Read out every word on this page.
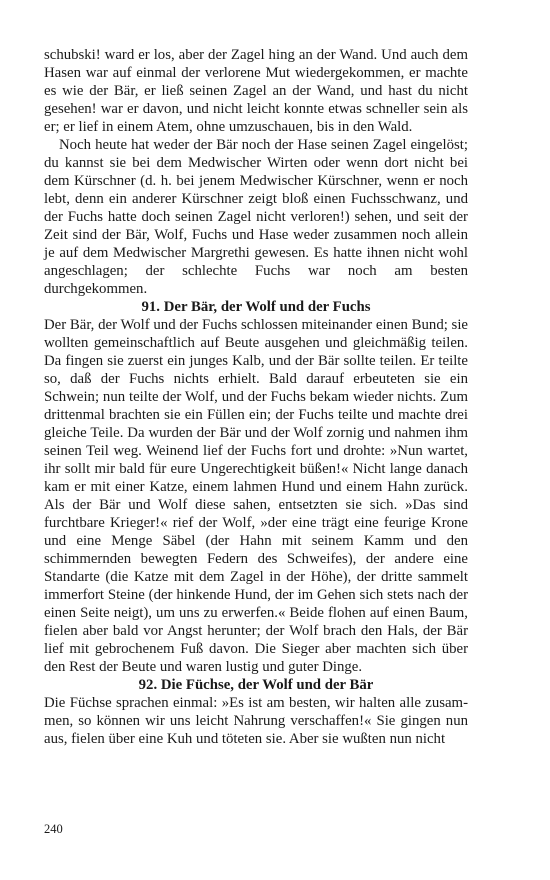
schubski! ward er los, aber der Zagel hing an der Wand. Und auch dem Hasen war auf einmal der verlorene Mut wiedergekommen, er machte es wie der Bär, er ließ seinen Zagel an der Wand, und hast du nicht gesehen! war er davon, und nicht leicht konnte etwas schneller sein als er; er lief in einem Atem, ohne umzuschauen, bis in den Wald.

Noch heute hat weder der Bär noch der Hase seinen Zagel eingelöst; du kannst sie bei dem Medwischer Wirten oder wenn dort nicht bei dem Kürschner (d. h. bei jenem Medwischer Kürschner, wenn er noch lebt, denn ein anderer Kürschner zeigt bloß einen Fuchsschwanz, und der Fuchs hatte doch seinen Zagel nicht verloren!) sehen, und seit der Zeit sind der Bär, Wolf, Fuchs und Hase weder zusammen noch allein je auf dem Medwischer Margrethi gewesen. Es hatte ihnen nicht wohl angeschlagen; der schlechte Fuchs war noch am besten durchgekommen.

91. Der Bär, der Wolf und der Fuchs

Der Bär, der Wolf und der Fuchs schlossen miteinander einen Bund; sie wollten gemeinschaftlich auf Beute ausgehen und gleichmäßig teilen. Da fingen sie zuerst ein junges Kalb, und der Bär sollte teilen. Er teilte so, daß der Fuchs nichts erhielt. Bald darauf erbeuteten sie ein Schwein; nun teilte der Wolf, und der Fuchs bekam wieder nichts. Zum drittenmal brachten sie ein Füllen ein; der Fuchs teilte und machte drei gleiche Teile. Da wurden der Bär und der Wolf zornig und nahmen ihm seinen Teil weg. Weinend lief der Fuchs fort und drohte: »Nun wartet, ihr sollt mir bald für eure Ungerechtigkeit büßen!« Nicht lange danach kam er mit einer Katze, einem lahmen Hund und einem Hahn zurück. Als der Bär und Wolf diese sahen, entsetzten sie sich. »Das sind furchtbare Krieger!« rief der Wolf, »der eine trägt eine feurige Krone und eine Menge Säbel (der Hahn mit seinem Kamm und den schimmernden bewegten Federn des Schweifes), der andere eine Standarte (die Katze mit dem Zagel in der Höhe), der dritte sammelt immerfort Steine (der hinkende Hund, der im Gehen sich stets nach der einen Seite neigt), um uns zu erwerfen.« Beide flohen auf einen Baum, fielen aber bald vor Angst herunter; der Wolf brach den Hals, der Bär lief mit gebrochenem Fuß davon. Die Sieger aber machten sich über den Rest der Beute und waren lustig und guter Dinge.

92. Die Füchse, der Wolf und der Bär

Die Füchse sprachen einmal: »Es ist am besten, wir halten alle zusammen, so können wir uns leicht Nahrung verschaffen!« Sie gingen nun aus, fielen über eine Kuh und töteten sie. Aber sie wußten nun nicht

240
